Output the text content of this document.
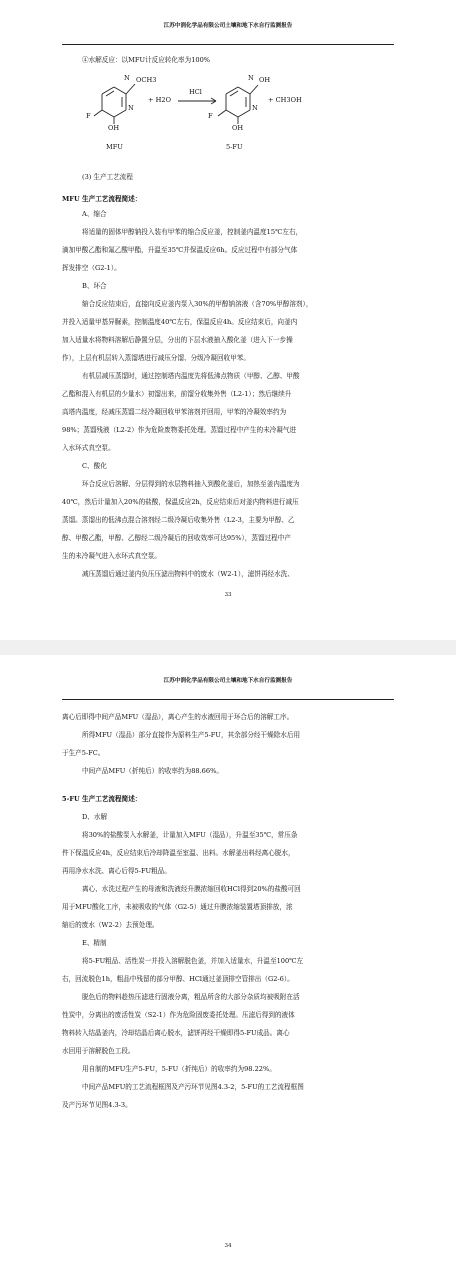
江苏中润化学品有限公司土壤和地下水自行监测报告
④水解反应：以MFU计反应转化率为100%
N OCH3
N
F
OH
+ H2O
HCl
N OH
N
F
OH
+ CH3OH
MFU	5-FU
(3) 生产工艺流程
MFU 生产工艺流程简述：
A、缩合
将适量的固体甲醇钠投入装有甲苯的缩合反应釜，控制釜内温度15℃左右，
滴加甲酸乙酯和氟乙酸甲酯，升温至35℃并保温反应6h。反应过程中有部分气体
挥发排空（G2-1）。
B、环合
缩合反应结束后，直接向反应釜内泵入30%的甲醇钠溶液（含70%甲醇溶剂），
并投入适量甲基异脲素，控制温度40℃左右，保温反应4h。反应结束后，向釜内
加入适量水将物料溶解后静置分层，分出的下层水液抽入酸化釜（进入下一步操
作），上层有机层转入蒸馏塔进行减压分馏、分级冷凝回收甲苯。
有机层减压蒸馏时，通过控制塔内温度先将低沸点物质（甲醇、乙醇、甲酸
乙酯和混入有机层的少量水）初馏出来，前馏分收集外售（L2-1）；然后继续升
高塔内温度，经减压蒸馏二经冷凝回收甲苯溶剂并回用，甲苯的冷凝效率约为
98%；蒸馏残液（L2-2）作为危险废物委托处理。蒸馏过程中产生的未冷凝气进
入水环式真空泵。
C、酸化
环合反应后溶解、分层得到的水层物料抽入到酸化釜后，加热至釜内温度为
40℃，然后计量加入20%的盐酸，保温反应2h，反应结束后对釜内物料进行减压
蒸馏。蒸馏出的低沸点混合溶剂经二级冷凝后收集外售（L2-3，主要为甲醇、乙
醇、甲酸乙酯，甲醇、乙醇经二级冷凝后的回收效率可达95%），蒸馏过程中产
生的未冷凝气进入水环式真空泵。
减压蒸馏后通过釜内负压压滤出物料中的废水（W2-1），滤饼再经水洗、
33
江苏中润化学品有限公司土壤和地下水自行监测报告
离心后即得中间产品MFU（湿品），离心产生的水液回用于环合后的溶解工序。
所得MFU（湿品）部分直接作为原料生产5-FU，其余部分经干燥除水后用
于生产5-FC。
中间产品MFU（折纯后）的收率约为88.66%。
5-FU 生产工艺流程简述：
D、水解
将30%的盐酸泵入水解釜，计量加入MFU（湿品），升温至35℃，常压条
件下保温反应4h，反应结束后冷却降温至室温、出料。水解釜出料经离心脱水，
再用净水水洗、离心后得5-FU粗品。
离心、水洗过程产生的母液和洗液经升膜浓缩回收HCl得到20%的盐酸可回
用于MFU酸化工序，未被吸收的气体（G2-5）通过升膜浓缩装置塔顶排放，浓
缩后的废水（W2-2）去预处理。
E、精制
将5-FU粗品、活性炭一并投入溶解脱色釜，并加入适量水，升温至100℃左
右，回流脱色1h，粗品中残留的部分甲醇、HCl通过釜顶排空管排出（G2-6）。
脱色后的物料趁热压滤进行固液分离，粗品所含的大部分杂质均被吸附在活
性炭中，分离出的废活性炭（S2-1）作为危险固废委托处理。压滤后得到的液体
物料转入结晶釜内，冷却结晶后离心脱水，滤饼再经干燥即得5-FU成品。离心
水回用于溶解脱色工段。
用自制的MFU生产5-FU，5-FU（折纯后）的收率约为98.22%。
中间产品MFU的工艺流程框图及产污环节见图4.3-2，5-FU的工艺流程框图
及产污环节见图4.3-3。
34
